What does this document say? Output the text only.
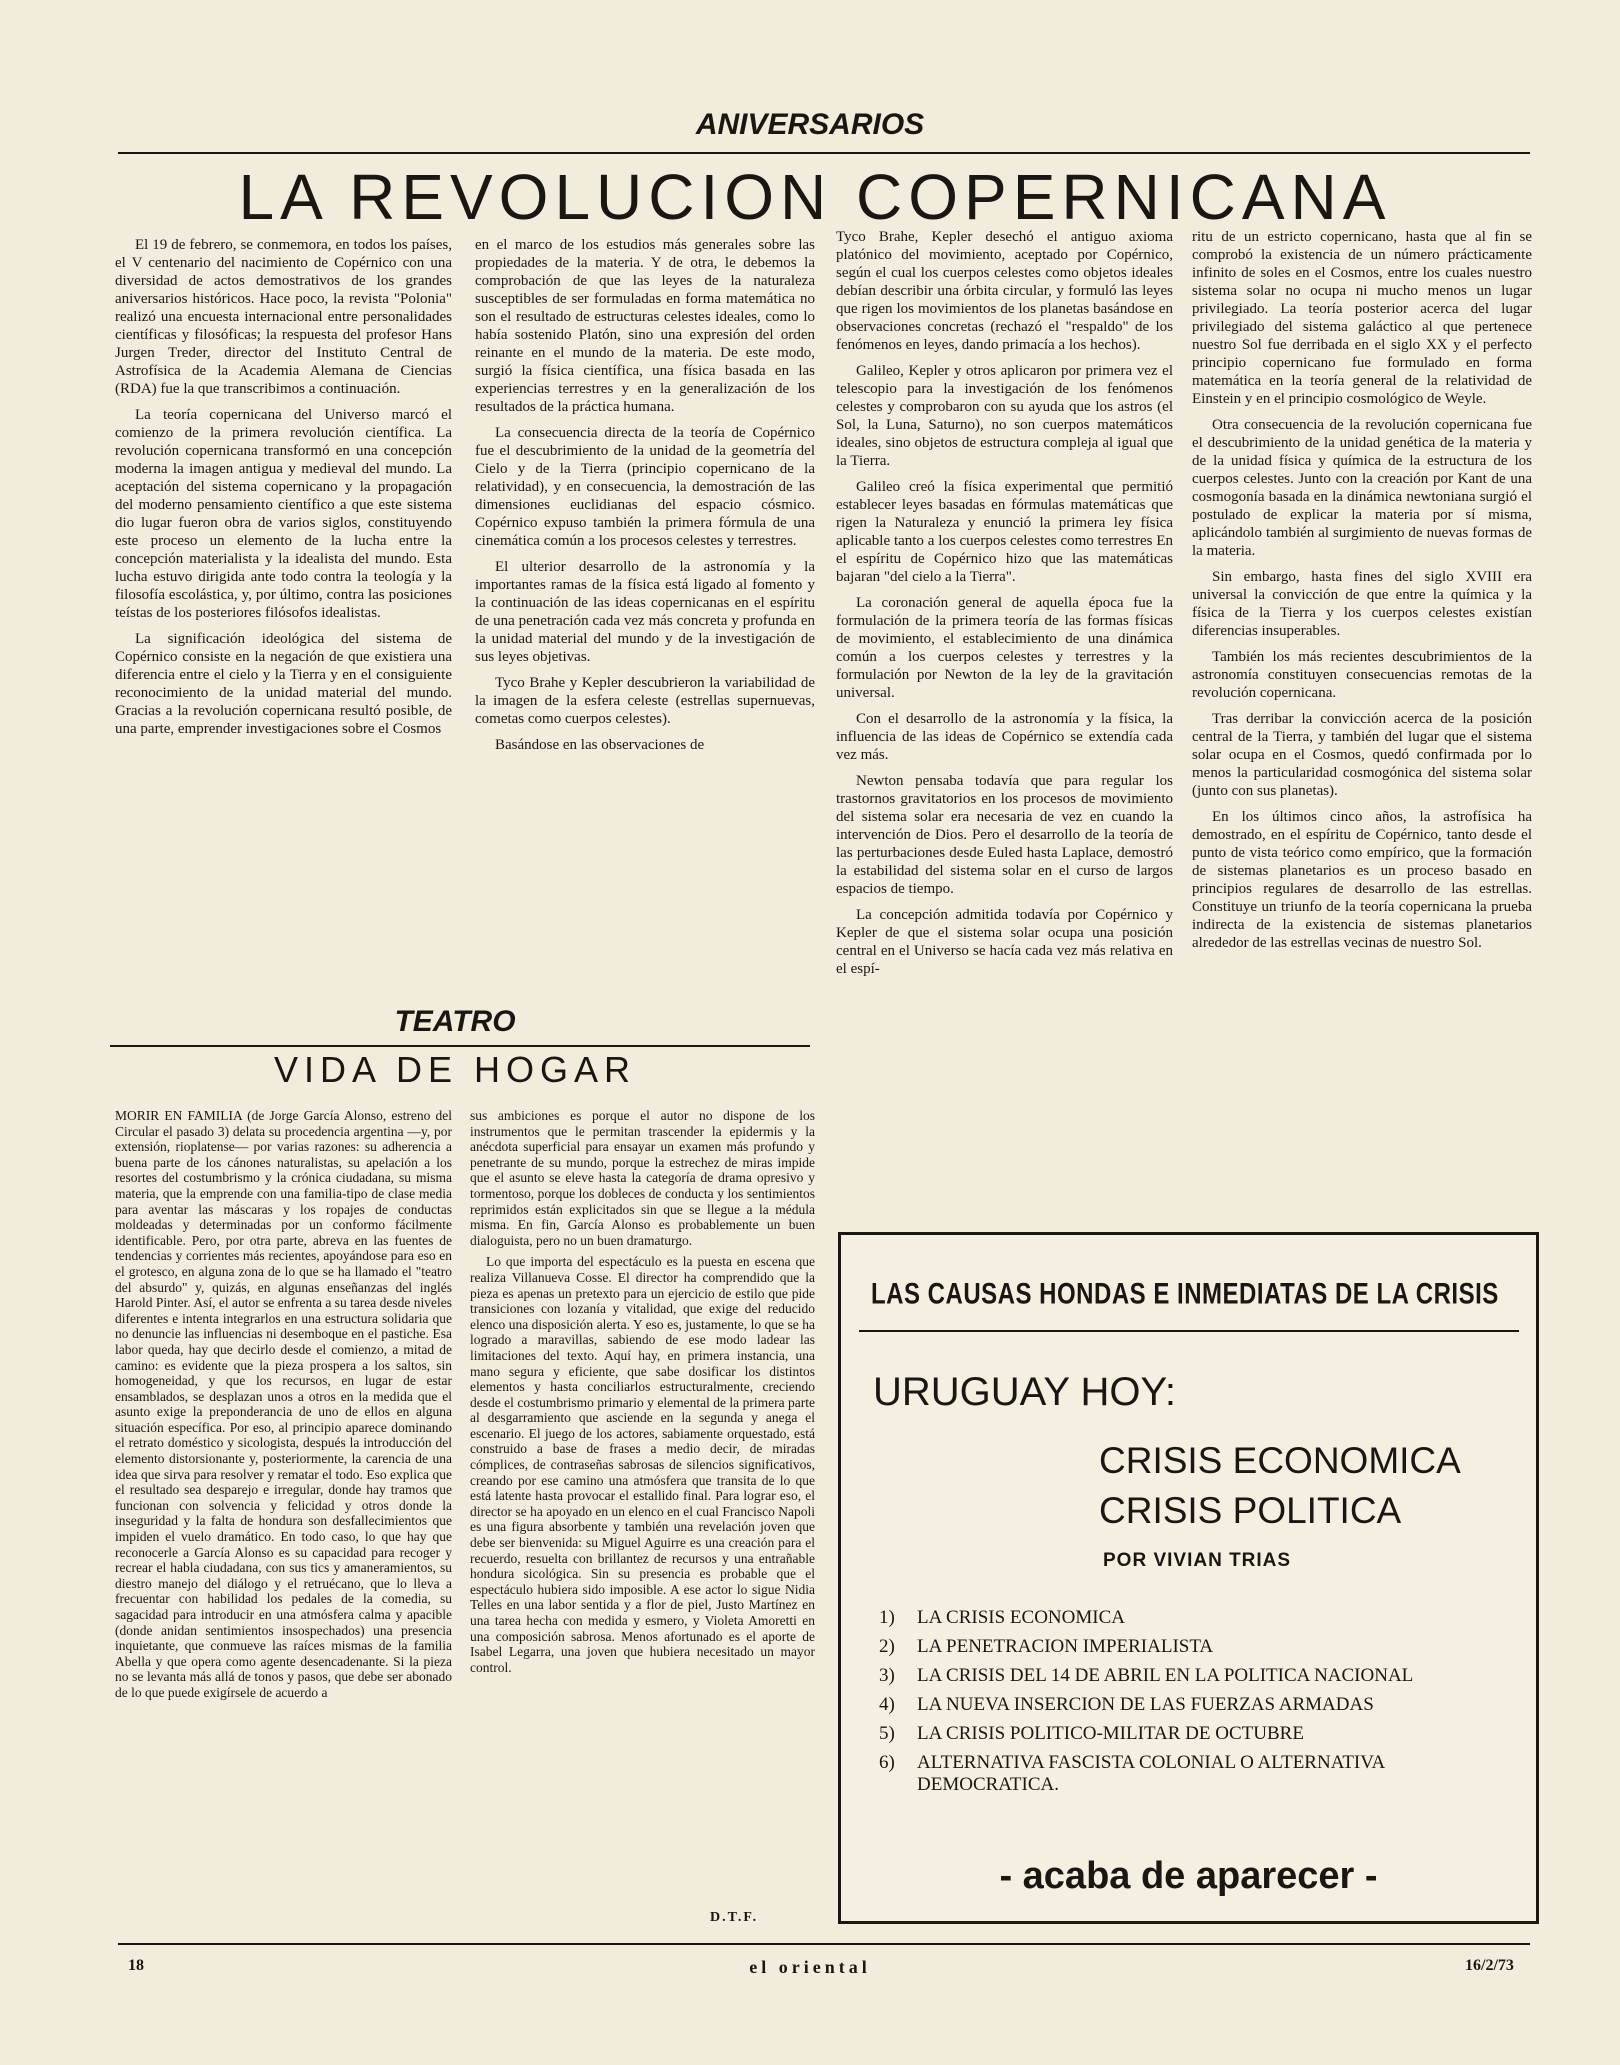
ANIVERSARIOS
LA REVOLUCION COPERNICANA

El 19 de febrero, se conmemora, en todos los países, el V centenario del nacimiento de Copérnico con una diversidad de actos demostrativos de los grandes aniversarios históricos. Hace poco, la revista "Polonia" realizó una encuesta internacional entre personalidades científicas y filosóficas; la respuesta del profesor Hans Jurgen Treder, director del Instituto Central de Astrofísica de la Academia Alemana de Ciencias (RDA) fue la que transcribimos a continuación.

La teoría copernicana del Universo marcó el comienzo de la primera revolución científica. La revolución copernicana transformó en una concepción moderna la imagen antigua y medieval del mundo. La aceptación del sistema copernicano y la propagación del moderno pensamiento científico a que este sistema dio lugar fueron obra de varios siglos, constituyendo este proceso un elemento de la lucha entre la concepción materialista y la idealista del mundo. Esta lucha estuvo dirigida ante todo contra la teología y la filosofía escolástica, y, por último, contra las posiciones teístas de los posteriores filósofos idealistas.

La significación ideológica del sistema de Copérnico consiste en la negación de que existiera una diferencia entre el cielo y la Tierra y en el consiguiente reconocimiento de la unidad material del mundo. Gracias a la revolución copernicana resultó posible, de una parte, emprender investigaciones sobre el Cosmos

en el marco de los estudios más generales sobre las propiedades de la materia. Y de otra, le debemos la comprobación de que las leyes de la naturaleza susceptibles de ser formuladas en forma matemática no son el resultado de estructuras celestes ideales, como lo había sostenido Platón, sino una expresión del orden reinante en el mundo de la materia. De este modo, surgió la física científica, una física basada en las experiencias terrestres y en la generalización de los resultados de la práctica humana.

La consecuencia directa de la teoría de Copérnico fue el descubrimiento de la unidad de la geometría del Cielo y de la Tierra (principio copernicano de la relatividad), y en consecuencia, la demostración de las dimensiones euclidianas del espacio cósmico. Copérnico expuso también la primera fórmula de una cinemática común a los procesos celestes y terrestres.

El ulterior desarrollo de la astronomía y la importantes ramas de la física está ligado al fomento y la continuación de las ideas copernicanas en el espíritu de una penetración cada vez más concreta y profunda en la unidad material del mundo y de la investigación de sus leyes objetivas.

Tyco Brahe y Kepler descubrieron la variabilidad de la imagen de la esfera celeste (estrellas supernuevas, cometas como cuerpos celestes).

Basándose en las observaciones de

Tyco Brahe, Kepler desechó el antiguo axioma platónico del movimiento, aceptado por Copérnico, según el cual los cuerpos celestes como objetos ideales debían describir una órbita circular, y formuló las leyes que rigen los movimientos de los planetas basándose en observaciones concretas (rechazó el "respaldo" de los fenómenos en leyes, dando primacía a los hechos).

Galileo, Kepler y otros aplicaron por primera vez el telescopio para la investigación de los fenómenos celestes y comprobaron con su ayuda que los astros (el Sol, la Luna, Saturno), no son cuerpos matemáticos ideales, sino objetos de estructura compleja al igual que la Tierra.

Galileo creó la física experimental que permitió establecer leyes basadas en fórmulas matemáticas que rigen la Naturaleza y enunció la primera ley física aplicable tanto a los cuerpos celestes como terrestres En el espíritu de Copérnico hizo que las matemáticas bajaran "del cielo a la Tierra".

La coronación general de aquella época fue la formulación de la primera teoría de las formas físicas de movimiento, el establecimiento de una dinámica común a los cuerpos celestes y terrestres y la formulación por Newton de la ley de la gravitación universal.

Con el desarrollo de la astronomía y la física, la influencia de las ideas de Copérnico se extendía cada vez más.

Newton pensaba todavía que para regular los trastornos gravitatorios en los procesos de movimiento del sistema solar era necesaria de vez en cuando la intervención de Dios. Pero el desarrollo de la teoría de las perturbaciones desde Euled hasta Laplace, demostró la estabilidad del sistema solar en el curso de largos espacios de tiempo.

La concepción admitida todavía por Copérnico y Kepler de que el sistema solar ocupa una posición central en el Universo se hacía cada vez más relativa en el espí-

ritu de un estricto copernicano, hasta que al fin se comprobó la existencia de un número prácticamente infinito de soles en el Cosmos, entre los cuales nuestro sistema solar no ocupa ni mucho menos un lugar privilegiado. La teoría posterior acerca del lugar privilegiado del sistema galáctico al que pertenece nuestro Sol fue derribada en el siglo XX y el perfecto principio copernicano fue formulado en forma matemática en la teoría general de la relatividad de Einstein y en el principio cosmológico de Weyle.

Otra consecuencia de la revolución copernicana fue el descubrimiento de la unidad genética de la materia y de la unidad física y química de la estructura de los cuerpos celestes. Junto con la creación por Kant de una cosmogonía basada en la dinámica newtoniana surgió el postulado de explicar la materia por sí misma, aplicándolo también al surgimiento de nuevas formas de la materia.

Sin embargo, hasta fines del siglo XVIII era universal la convicción de que entre la química y la física de la Tierra y los cuerpos celestes existían diferencias insuperables.

También los más recientes descubrimientos de la astronomía constituyen consecuencias remotas de la revolución copernicana.

Tras derribar la convicción acerca de la posición central de la Tierra, y también del lugar que el sistema solar ocupa en el Cosmos, quedó confirmada por lo menos la particularidad cosmogónica del sistema solar (junto con sus planetas).

En los últimos cinco años, la astrofísica ha demostrado, en el espíritu de Copérnico, tanto desde el punto de vista teórico como empírico, que la formación de sistemas planetarios es un proceso basado en principios regulares de desarrollo de las estrellas. Constituye un triunfo de la teoría copernicana la prueba indirecta de la existencia de sistemas planetarios alrededor de las estrellas vecinas de nuestro Sol.

TEATRO
VIDA DE HOGAR

MORIR EN FAMILIA (de Jorge García Alonso, estreno del Circular el pasado 3) delata su procedencia argentina —y, por extensión, rioplatense— por varias razones: su adherencia a buena parte de los cánones naturalistas, su apelación a los resortes del costumbrismo y la crónica ciudadana, su misma materia, que la emprende con una familia-tipo de clase media para aventar las máscaras y los ropajes de conductas moldeadas y determinadas por un conformo fácilmente identificable. Pero, por otra parte, abreva en las fuentes de tendencias y corrientes más recientes, apoyándose para eso en el grotesco, en alguna zona de lo que se ha llamado el "teatro del absurdo" y, quizás, en algunas enseñanzas del inglés Harold Pinter. Así, el autor se enfrenta a su tarea desde niveles diferentes e intenta integrarlos en una estructura solidaria que no denuncie las influencias ni desemboque en el pastiche. Esa labor queda, hay que decirlo desde el comienzo, a mitad de camino: es evidente que la pieza prospera a los saltos, sin homogeneidad, y que los recursos, en lugar de estar ensamblados, se desplazan unos a otros en la medida que el asunto exige la preponderancia de uno de ellos en alguna situación específica. Por eso, al principio aparece dominando el retrato doméstico y sicologista, después la introducción del elemento distorsionante y, posteriormente, la carencia de una idea que sirva para resolver y rematar el todo. Eso explica que el resultado sea desparejo e irregular, donde hay tramos que funcionan con solvencia y felicidad y otros donde la inseguridad y la falta de hondura son desfallecimientos que impiden el vuelo dramático. En todo caso, lo que hay que reconocerle a García Alonso es su capacidad para recoger y recrear el habla ciudadana, con sus tics y amaneramientos, su diestro manejo del diálogo y el retruécano, que lo lleva a frecuentar con habilidad los pedales de la comedia, su sagacidad para introducir en una atmósfera calma y apacible (donde anidan sentimientos insospechados) una presencia inquietante, que conmueve las raíces mismas de la familia Abella y que opera como agente desencadenante. Si la pieza no se levanta más allá de tonos y pasos, que debe ser abonado de lo que puede exigírsele de acuerdo a

sus ambiciones es porque el autor no dispone de los instrumentos que le permitan trascender la epidermis y la anécdota superficial para ensayar un examen más profundo y penetrante de su mundo, porque la estrechez de miras impide que el asunto se eleve hasta la categoría de drama opresivo y tormentoso, porque los dobleces de conducta y los sentimientos reprimidos están explicitados sin que se llegue a la médula misma. En fin, García Alonso es probablemente un buen dialoguista, pero no un buen dramaturgo.

Lo que importa del espectáculo es la puesta en escena que realiza Villanueva Cosse. El director ha comprendido que la pieza es apenas un pretexto para un ejercicio de estilo que pide transiciones con lozanía y vitalidad, que exige del reducido elenco una disposición alerta. Y eso es, justamente, lo que se ha logrado a maravillas, sabiendo de ese modo ladear las limitaciones del texto. Aquí hay, en primera instancia, una mano segura y eficiente, que sabe dosificar los distintos elementos y hasta conciliarlos estructuralmente, creciendo desde el costumbrismo primario y elemental de la primera parte al desgarramiento que asciende en la segunda y anega el escenario. El juego de los actores, sabiamente orquestado, está construido a base de frases a medio decir, de miradas cómplices, de contraseñas sabrosas de silencios significativos, creando por ese camino una atmósfera que transita de lo que está latente hasta provocar el estallido final. Para lograr eso, el director se ha apoyado en un elenco en el cual Francisco Napoli es una figura absorbente y también una revelación joven que debe ser bienvenida: su Miguel Aguirre es una creación para el recuerdo, resuelta con brillantez de recursos y una entrañable hondura sicológica. Sin su presencia es probable que el espectáculo hubiera sido imposible. A ese actor lo sigue Nidia Telles en una labor sentida y a flor de piel, Justo Martínez en una tarea hecha con medida y esmero, y Violeta Amoretti en una composición sabrosa. Menos afortunado es el aporte de Isabel Legarra, una joven que hubiera necesitado un mayor control.

D.T.F.
LAS CAUSAS HONDAS E INMEDIATAS DE LA CRISIS
URUGUAY HOY:
CRISIS ECONOMICA
CRISIS POLITICA
POR VIVIAN TRIAS
1)	LA CRISIS ECONOMICA
2)	LA PENETRACION IMPERIALISTA
3)	LA CRISIS DEL 14 DE ABRIL EN LA POLITICA NACIONAL
4)	LA NUEVA INSERCION DE LAS FUERZAS ARMADAS
5)	LA CRISIS POLITICO-MILITAR DE OCTUBRE
6)	ALTERNATIVA FASCISTA COLONIAL O ALTERNATIVA DEMOCRATICA.
- acaba de aparecer -
18	el oriental	16/2/73
